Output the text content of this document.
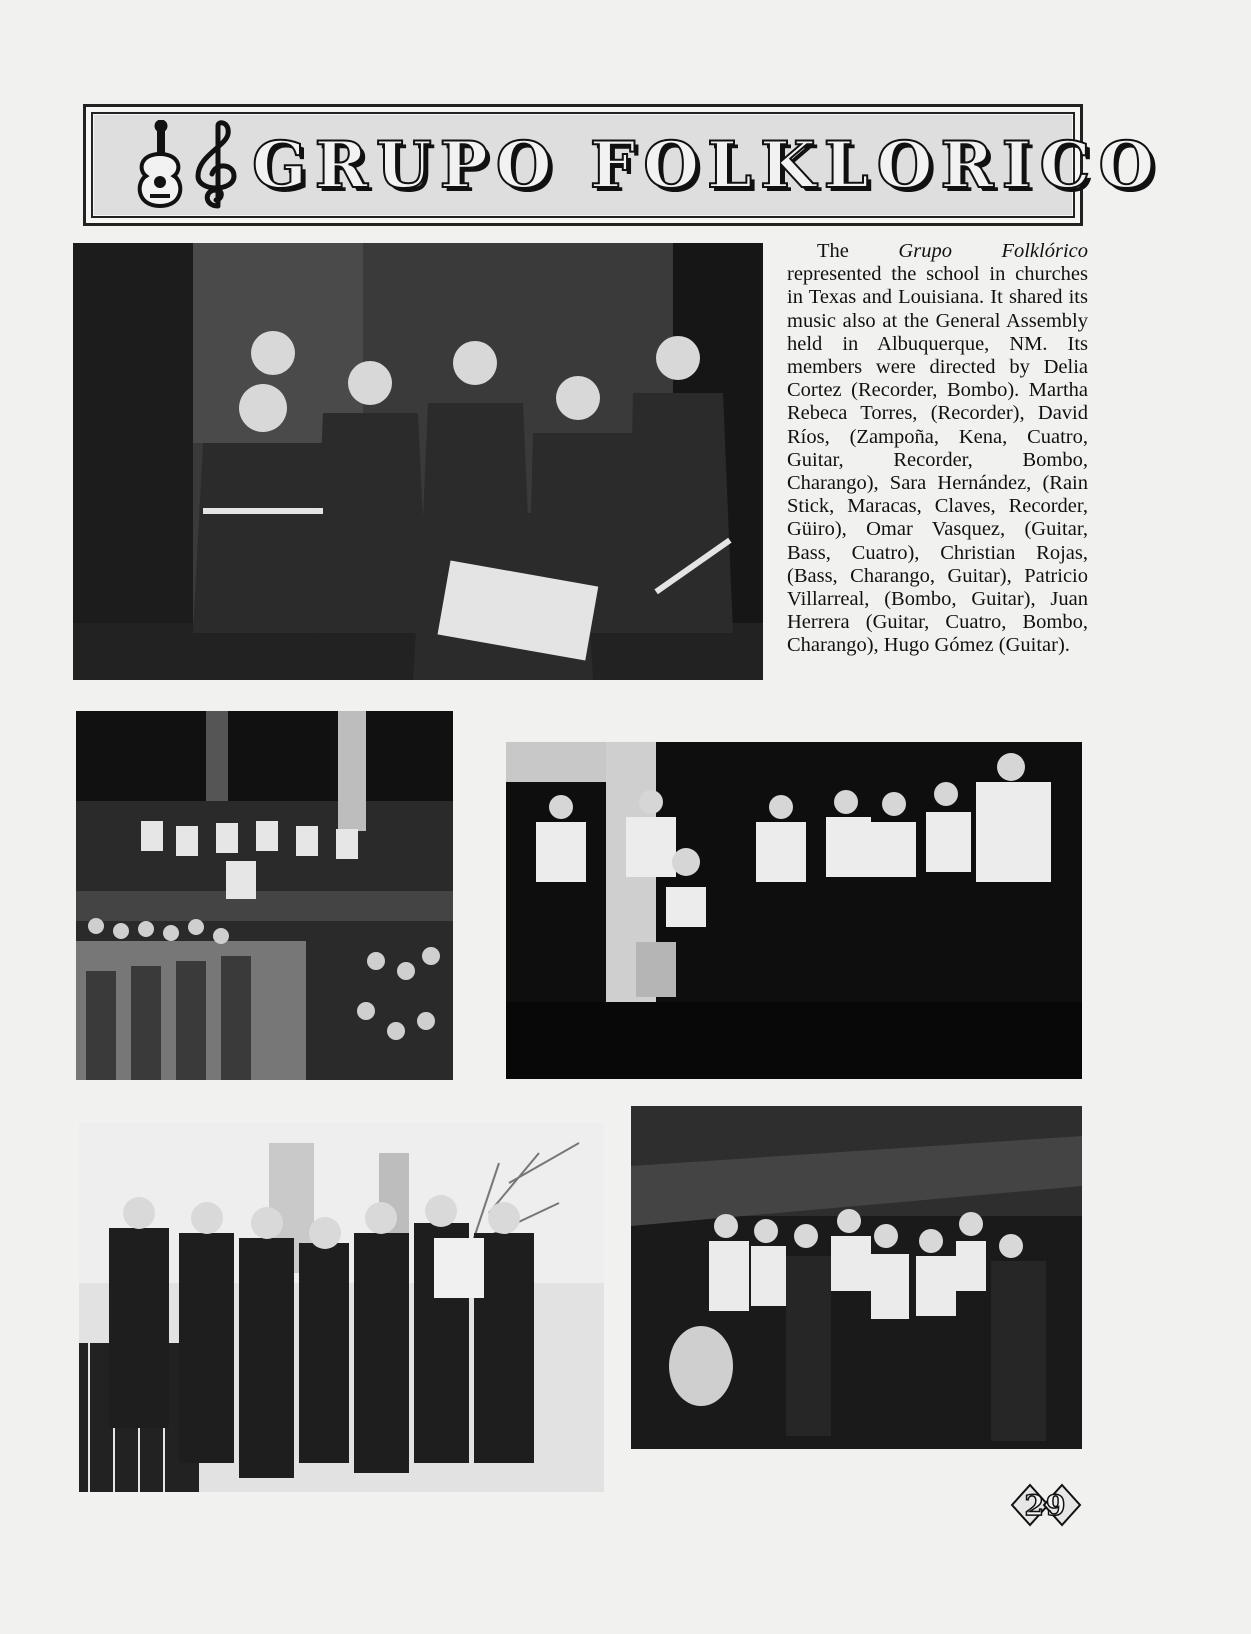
GRUPO FOLKLORICO
The Grupo Folklórico represented the school in churches in Texas and Louisiana. It shared its music also at the General Assembly held in Albuquerque, NM. Its members were directed by Delia Cortez (Recorder, Bombo). Martha Rebeca Torres, (Recorder), David Ríos, (Zampoña, Kena, Cuatro, Guitar, Recorder, Bombo, Charango), Sara Hernández, (Rain Stick, Maracas, Claves, Recorder, Güiro), Omar Vasquez, (Guitar, Bass, Cuatro), Christian Rojas, (Bass, Charango, Guitar), Patricio Villarreal, (Bombo, Guitar), Juan Herrera (Guitar, Cuatro, Bombo, Charango), Hugo Gómez (Guitar).
29
